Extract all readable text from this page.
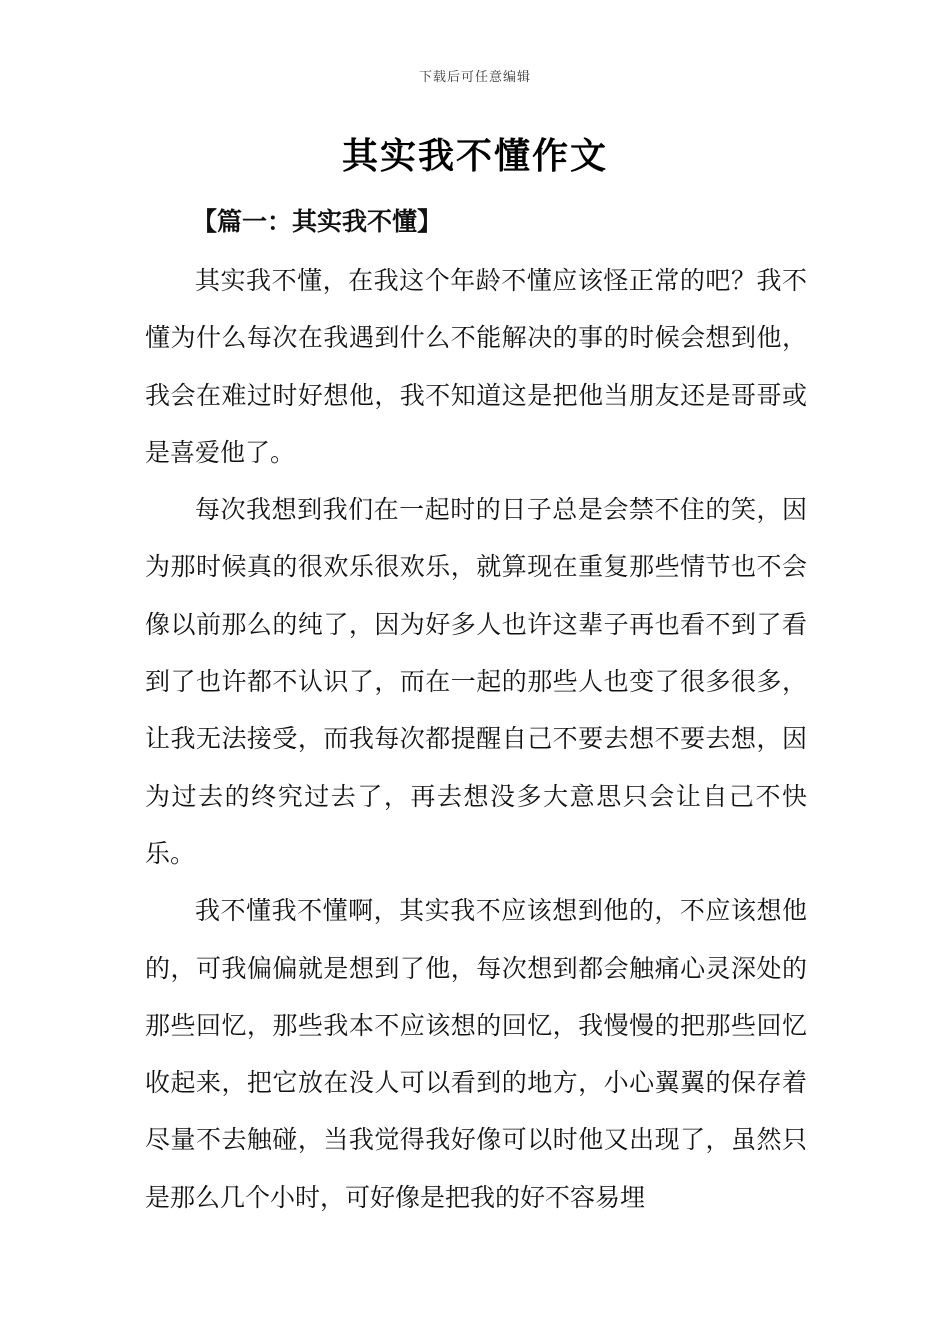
下载后可任意编辑
其实我不懂作文
【篇一：其实我不懂】

其实我不懂，在我这个年龄不懂应该怪正常的吧？我不懂为什么每次在我遇到什么不能解决的事的时候会想到他，我会在难过时好想他，我不知道这是把他当朋友还是哥哥或是喜爱他了。

每次我想到我们在一起时的日子总是会禁不住的笑，因为那时候真的很欢乐很欢乐，就算现在重复那些情节也不会像以前那么的纯了，因为好多人也许这辈子再也看不到了看到了也许都不认识了，而在一起的那些人也变了很多很多，让我无法接受，而我每次都提醒自己不要去想不要去想，因为过去的终究过去了，再去想没多大意思只会让自己不快乐。

我不懂我不懂啊，其实我不应该想到他的，不应该想他的，可我偏偏就是想到了他，每次想到都会触痛心灵深处的那些回忆，那些我本不应该想的回忆，我慢慢的把那些回忆收起来，把它放在没人可以看到的地方，小心翼翼的保存着尽量不去触碰，当我觉得我好像可以时他又出现了，虽然只是那么几个小时，可好像是把我的好不容易埋
